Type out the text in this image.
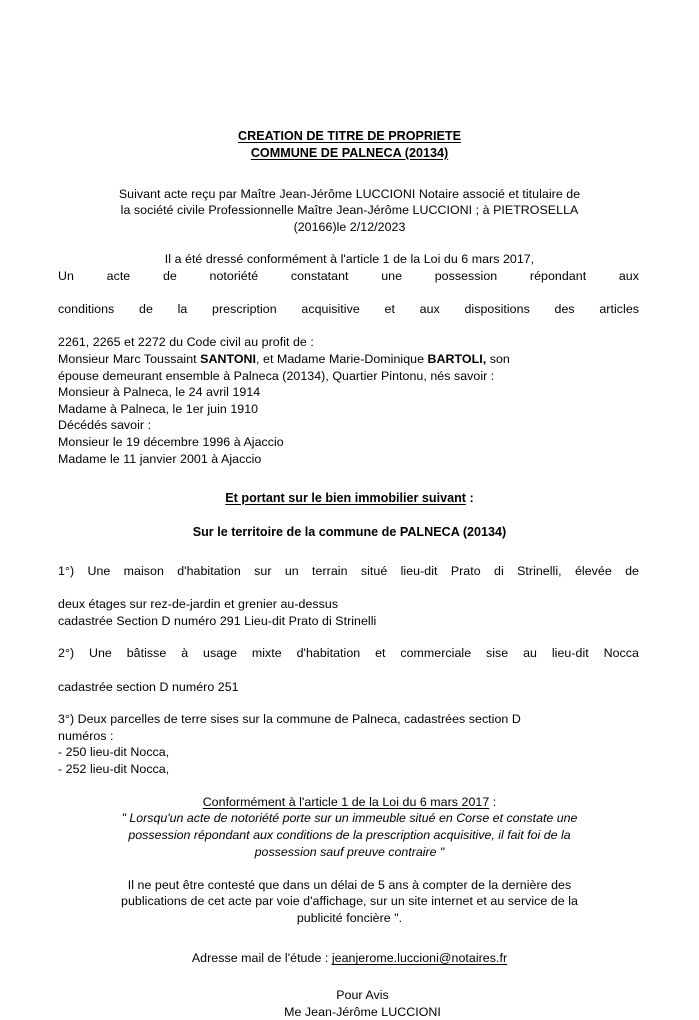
CREATION DE TITRE DE PROPRIETE
COMMUNE DE PALNECA (20134)
Suivant acte reçu par Maître Jean-Jérôme LUCCIONI Notaire associé et titulaire de
la société civile Professionnelle Maître Jean-Jérôme LUCCIONI ; à PIETROSELLA
(20166)le 2/12/2023
Il a été dressé conformément à l'article 1 de la Loi du 6 mars 2017,
Un acte de notoriété constatant une possession répondant aux
conditions de la prescription acquisitive et aux dispositions des articles
2261, 2265 et 2272 du Code civil au profit de :
Monsieur Marc Toussaint SANTONI, et Madame Marie-Dominique BARTOLI, son
épouse demeurant ensemble à Palneca (20134), Quartier Pintonu, nés savoir :
Monsieur à Palneca, le 24 avril 1914
Madame à Palneca, le 1er juin 1910
Décédés savoir :
Monsieur le 19 décembre 1996 à Ajaccio
Madame le 11 janvier 2001 à Ajaccio
Et portant sur le bien immobilier suivant :
Sur le territoire de la commune de PALNECA (20134)
1°) Une maison d'habitation sur un terrain situé lieu-dit Prato di Strinelli, élevée de
deux étages sur rez-de-jardin et grenier au-dessus
cadastrée Section D numéro 291 Lieu-dit Prato di Strinelli
2°) Une bâtisse à usage mixte d'habitation et commerciale sise au lieu-dit Nocca
cadastrée section D numéro 251
3°) Deux parcelles de terre sises sur la commune de Palneca, cadastrées section D
numéros :
- 250 lieu-dit Nocca,
- 252 lieu-dit Nocca,
Conformément à l'article 1 de la Loi du 6 mars 2017 :
" Lorsqu'un acte de notoriété porte sur un immeuble situé en Corse et constate une
possession répondant aux conditions de la prescription acquisitive, il fait foi de la
possession sauf preuve contraire "
Il ne peut être contesté que dans un délai de 5 ans à compter de la dernière des
publications de cet acte par voie d'affichage, sur un site internet et au service de la
publicité foncière ".
Adresse mail de l'étude : jeanjerome.luccioni@notaires.fr
Pour Avis
Me Jean-Jérôme LUCCIONI
